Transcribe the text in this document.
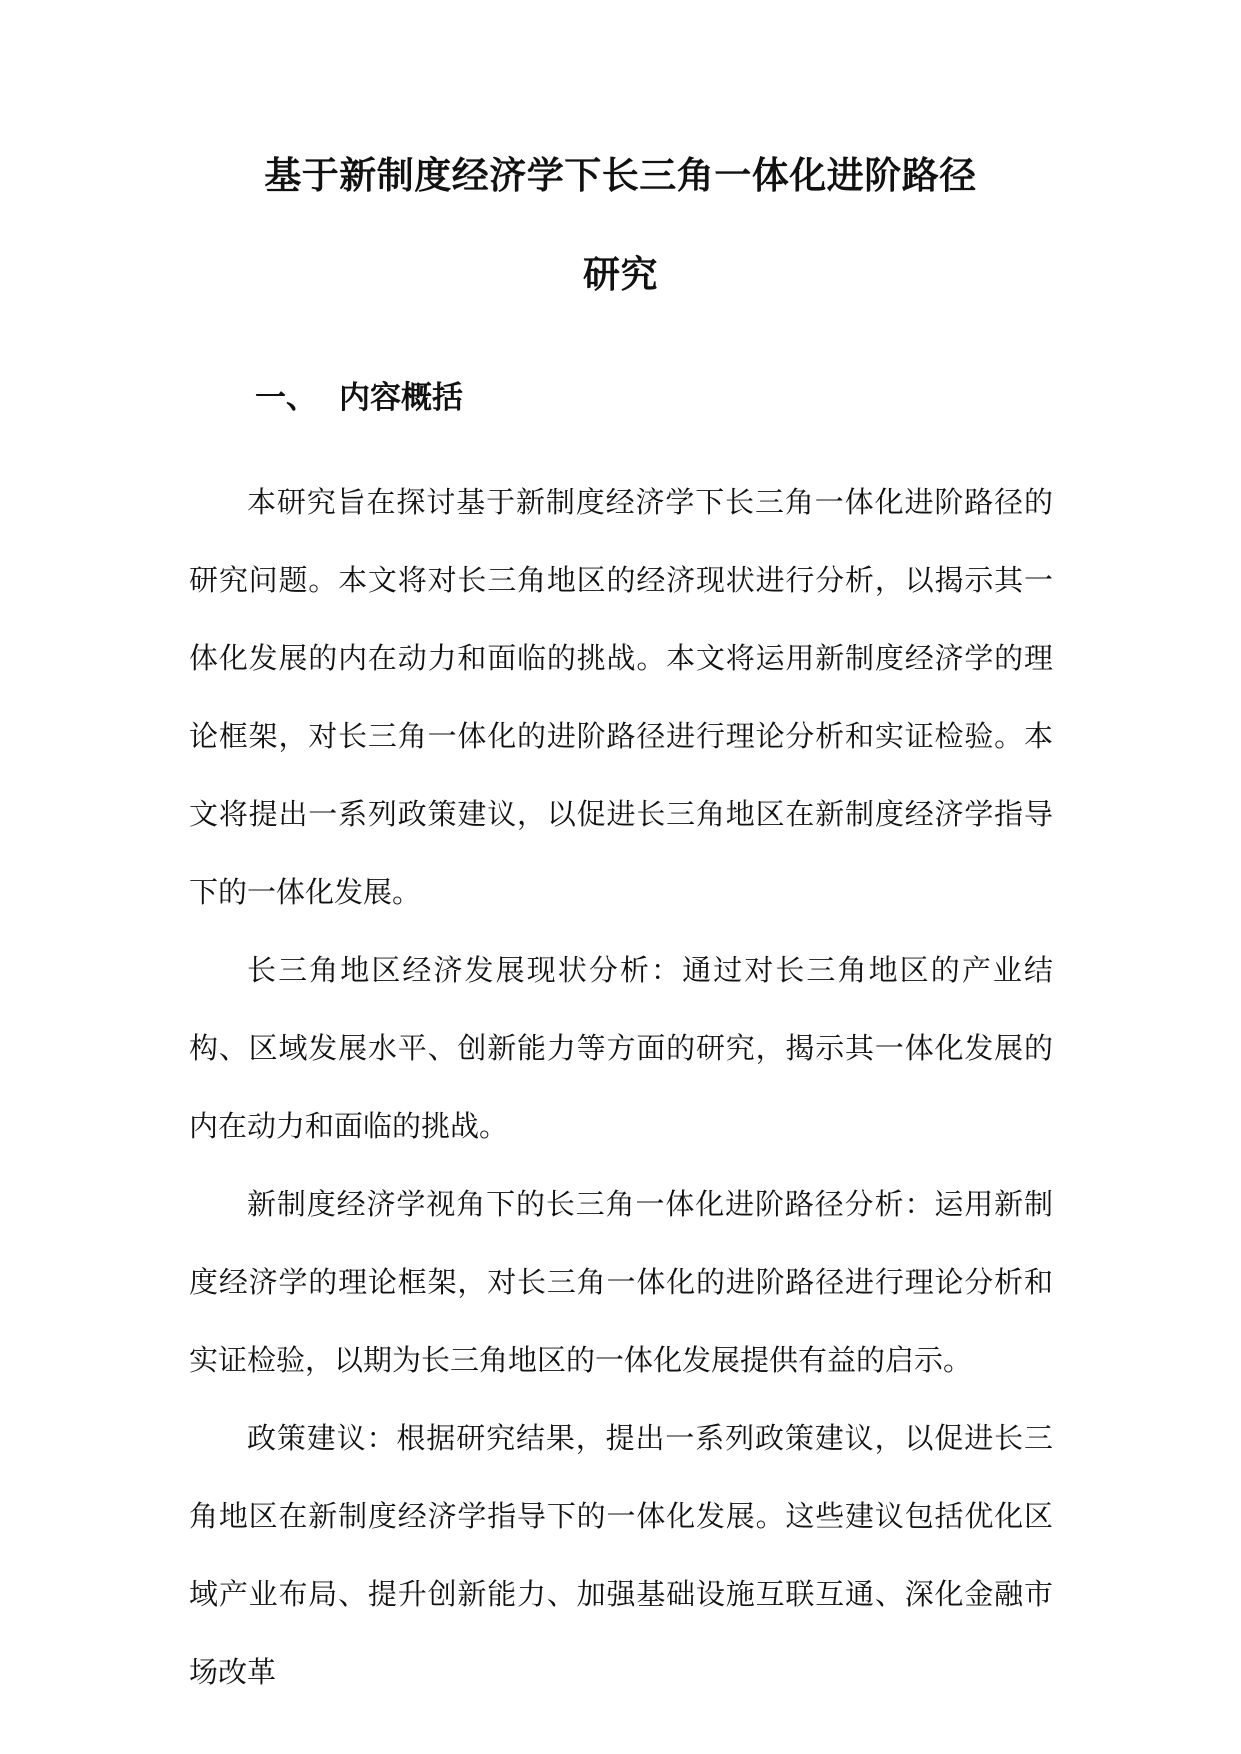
基于新制度经济学下长三角一体化进阶路径
研究
一、 内容概括

本研究旨在探讨基于新制度经济学下长三角一体化进阶路径的研究问题。本文将对长三角地区的经济现状进行分析，以揭示其一体化发展的内在动力和面临的挑战。本文将运用新制度经济学的理论框架，对长三角一体化的进阶路径进行理论分析和实证检验。本文将提出一系列政策建议，以促进长三角地区在新制度经济学指导下的一体化发展。

长三角地区经济发展现状分析：通过对长三角地区的产业结构、区域发展水平、创新能力等方面的研究，揭示其一体化发展的内在动力和面临的挑战。

新制度经济学视角下的长三角一体化进阶路径分析：运用新制度经济学的理论框架，对长三角一体化的进阶路径进行理论分析和实证检验，以期为长三角地区的一体化发展提供有益的启示。

政策建议：根据研究结果，提出一系列政策建议，以促进长三角地区在新制度经济学指导下的一体化发展。这些建议包括优化区域产业布局、提升创新能力、加强基础设施互联互通、深化金融市场改革
